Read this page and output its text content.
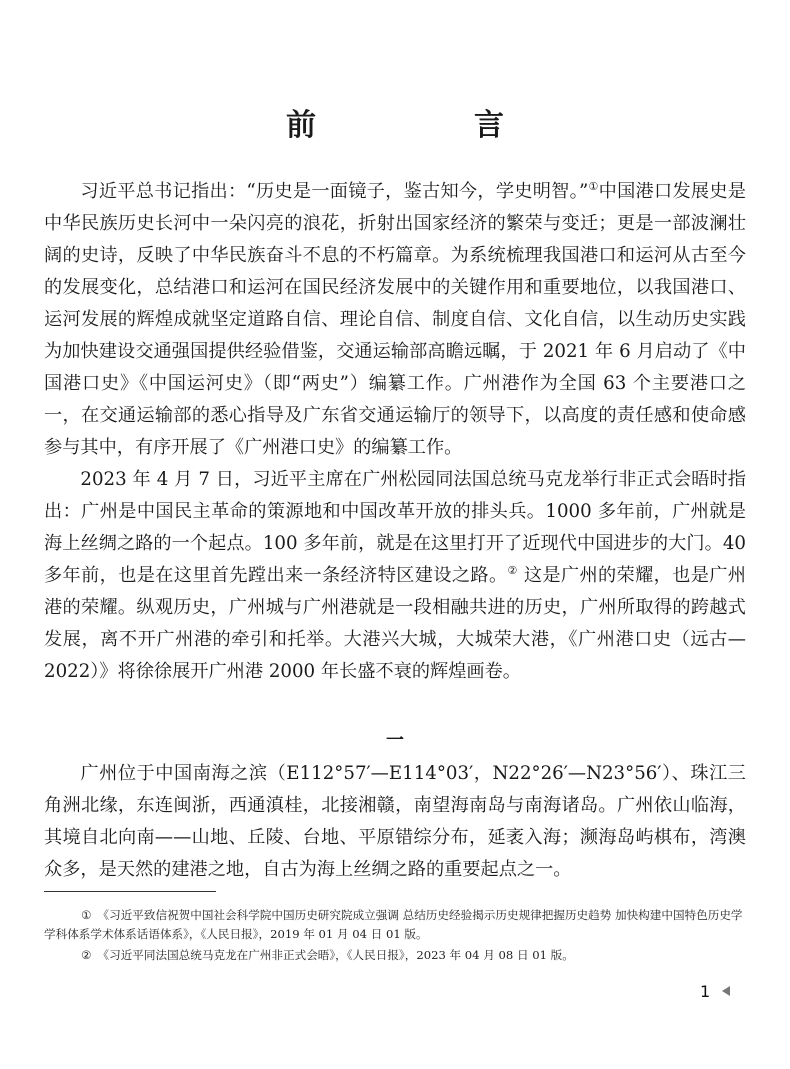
前　言

习近平总书记指出：“历史是一面镜子，鉴古知今，学史明智。”①中国港口发展史是中华民族历史长河中一朵闪亮的浪花，折射出国家经济的繁荣与变迁；更是一部波澜壮阔的史诗，反映了中华民族奋斗不息的不朽篇章。为系统梳理我国港口和运河从古至今的发展变化，总结港口和运河在国民经济发展中的关键作用和重要地位，以我国港口、运河发展的辉煌成就坚定道路自信、理论自信、制度自信、文化自信，以生动历史实践为加快建设交通强国提供经验借鉴，交通运输部高瞻远瞩，于 2021 年 6 月启动了《中国港口史》《中国运河史》（即“两史”）编纂工作。广州港作为全国 63 个主要港口之一，在交通运输部的悉心指导及广东省交通运输厅的领导下，以高度的责任感和使命感参与其中，有序开展了《广州港口史》的编纂工作。

2023 年 4 月 7 日，习近平主席在广州松园同法国总统马克龙举行非正式会晤时指出：广州是中国民主革命的策源地和中国改革开放的排头兵。1000 多年前，广州就是海上丝绸之路的一个起点。100 多年前，就是在这里打开了近现代中国进步的大门。40 多年前，也是在这里首先蹚出来一条经济特区建设之路。② 这是广州的荣耀，也是广州港的荣耀。纵观历史，广州城与广州港就是一段相融共进的历史，广州所取得的跨越式发展，离不开广州港的牵引和托举。大港兴大城，大城荣大港，《广州港口史（远古—2022）》将徐徐展开广州港 2000 年长盛不衰的辉煌画卷。

一

广州位于中国南海之滨（E112°57′—E114°03′，N22°26′—N23°56′）、珠江三角洲北缘，东连闽浙，西通滇桂，北接湘赣，南望海南岛与南海诸岛。广州依山临海，其境自北向南——山地、丘陵、台地、平原错综分布，延袤入海；濒海岛屿棋布，湾澳众多，是天然的建港之地，自古为海上丝绸之路的重要起点之一。

① 《习近平致信祝贺中国社会科学院中国历史研究院成立强调 总结历史经验揭示历史规律把握历史趋势 加快构建中国特色历史学学科体系学术体系话语体系》，《人民日报》，2019 年 01 月 04 日 01 版。

② 《习近平同法国总统马克龙在广州非正式会晤》，《人民日报》，2023 年 04 月 08 日 01 版。

1
